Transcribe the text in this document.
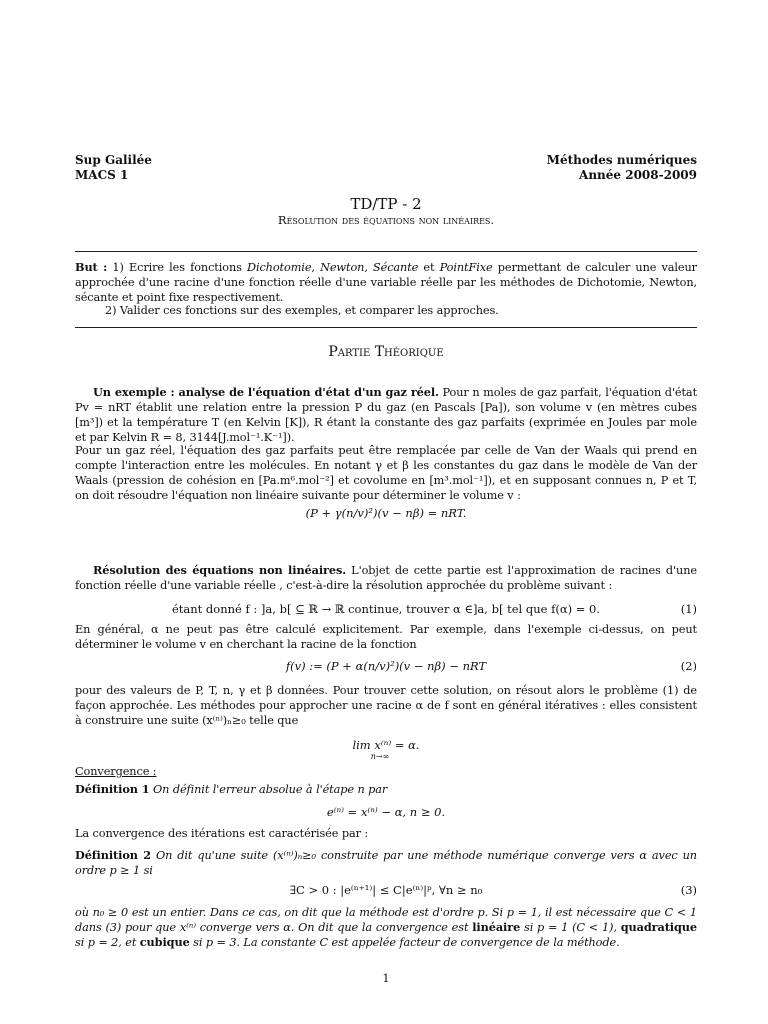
Sup Galilée
MACS 1
Méthodes numériques
Année 2008-2009
TD/TP - 2
Résolution des équations non linéaires.
But : 1) Ecrire les fonctions Dichotomie, Newton, Sécante et PointFixe permettant de calculer une valeur approchée d'une racine d'une fonction réelle d'une variable réelle par les méthodes de Dichotomie, Newton, sécante et point fixe respectivement.
2) Valider ces fonctions sur des exemples, et comparer les approches.
Partie Théorique
Un exemple : analyse de l'équation d'état d'un gaz réel. Pour n moles de gaz parfait, l'équation d'état Pv = nRT établit une relation entre la pression P du gaz (en Pascals [Pa]), son volume v (en mètres cubes [m³]) et la température T (en Kelvin [K]), R étant la constante des gaz parfaits (exprimée en Joules par mole et par Kelvin R = 8, 3144[J.mol⁻¹.K⁻¹]).
Pour un gaz réel, l'équation des gaz parfaits peut être remplacée par celle de Van der Waals qui prend en compte l'interaction entre les molécules. En notant γ et β les constantes du gaz dans le modèle de Van der Waals (pression de cohésion en [Pa.m⁶.mol⁻²] et covolume en [m³.mol⁻¹]), et en supposant connues n, P et T, on doit résoudre l'équation non linéaire suivante pour déterminer le volume v :
(P + γ(n/v)²)(v − nβ) = nRT.
Résolution des équations non linéaires. L'objet de cette partie est l'approximation de racines d'une fonction réelle d'une variable réelle , c'est-à-dire la résolution approchée du problème suivant :
étant donné f : ]a, b[ ⊆ ℝ → ℝ continue, trouver α ∈]a, b[ tel que f(α) = 0.	(1)
En général, α ne peut pas être calculé explicitement. Par exemple, dans l'exemple ci-dessus, on peut déterminer le volume v en cherchant la racine de la fonction
f(v) := (P + α(n/v)²)(v − nβ) − nRT	(2)
pour des valeurs de P, T, n, γ et β données. Pour trouver cette solution, on résout alors le problème (1) de façon approchée. Les méthodes pour approcher une racine α de f sont en général itératives : elles consistent à construire une suite (x⁽ⁿ⁾)ₙ≥₀ telle que
lim x⁽ⁿ⁾ = α.
n→∞
Convergence :
Définition 1 On définit l'erreur absolue à l'étape n par
e⁽ⁿ⁾ = x⁽ⁿ⁾ − α, n ≥ 0.
La convergence des itérations est caractérisée par :
Définition 2 On dit qu'une suite (x⁽ⁿ⁾)ₙ≥₀ construite par une méthode numérique converge vers α avec un ordre p ≥ 1 si
∃C > 0 : |e⁽ⁿ⁺¹⁾| ≤ C|e⁽ⁿ⁾|ᵖ, ∀n ≥ n₀	(3)
où n₀ ≥ 0 est un entier. Dans ce cas, on dit que la méthode est d'ordre p. Si p = 1, il est nécessaire que C < 1 dans (3) pour que x⁽ⁿ⁾ converge vers α. On dit que la convergence est linéaire si p = 1 (C < 1), quadratique si p = 2, et cubique si p = 3. La constante C est appelée facteur de convergence de la méthode.
1
